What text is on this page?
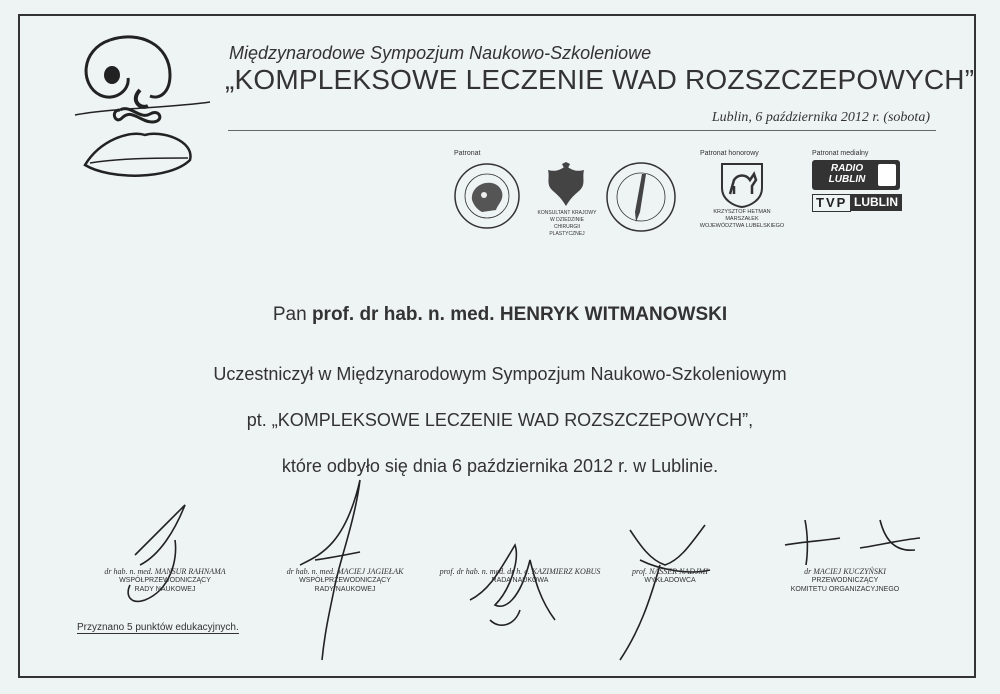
Międzynarodowe Sympozjum Naukowo-Szkoleniowe
„KOMPLEKSOWE LECZENIE WAD ROZSZCZEPOWYCH”
Lublin, 6 października 2012 r. (sobota)
Patronat
KONSULTANT KRAJOWY
W DZIEDZINIE
CHIRURGII PLASTYCZNEJ
Patronat honorowy
KRZYSZTOF HETMAN
MARSZAŁEK
WOJEWÓDZTWA LUBELSKIEGO
Patronat medialny
RADIO
LUBLIN
TVP LUBLIN
Pan prof. dr hab. n. med. HENRYK WITMANOWSKI
Uczestniczył w Międzynarodowym Sympozjum Naukowo-Szkoleniowym
pt. „KOMPLEKSOWE LECZENIE WAD ROZSZCZEPOWYCH”,
które odbyło się dnia 6 października 2012 r. w Lublinie.
dr hab. n. med. MANSUR RAHNAMA
WSPÓŁPRZEWODNICZĄCY
RADY NAUKOWEJ
dr hab. n. med. MACIEJ JAGIEŁAK
WSPÓŁPRZEWODNICZĄCY
RADY NAUKOWEJ
prof. dr hab. n. med. dr h. c. KAZIMIERZ KOBUS
RADA NAUKOWA
prof. NASSER NADJMI
WYKŁADOWCA
dr MACIEJ KUCZYŃSKI
PRZEWODNICZĄCY
KOMITETU ORGANIZACYJNEGO
Przyznano 5 punktów edukacyjnych.
